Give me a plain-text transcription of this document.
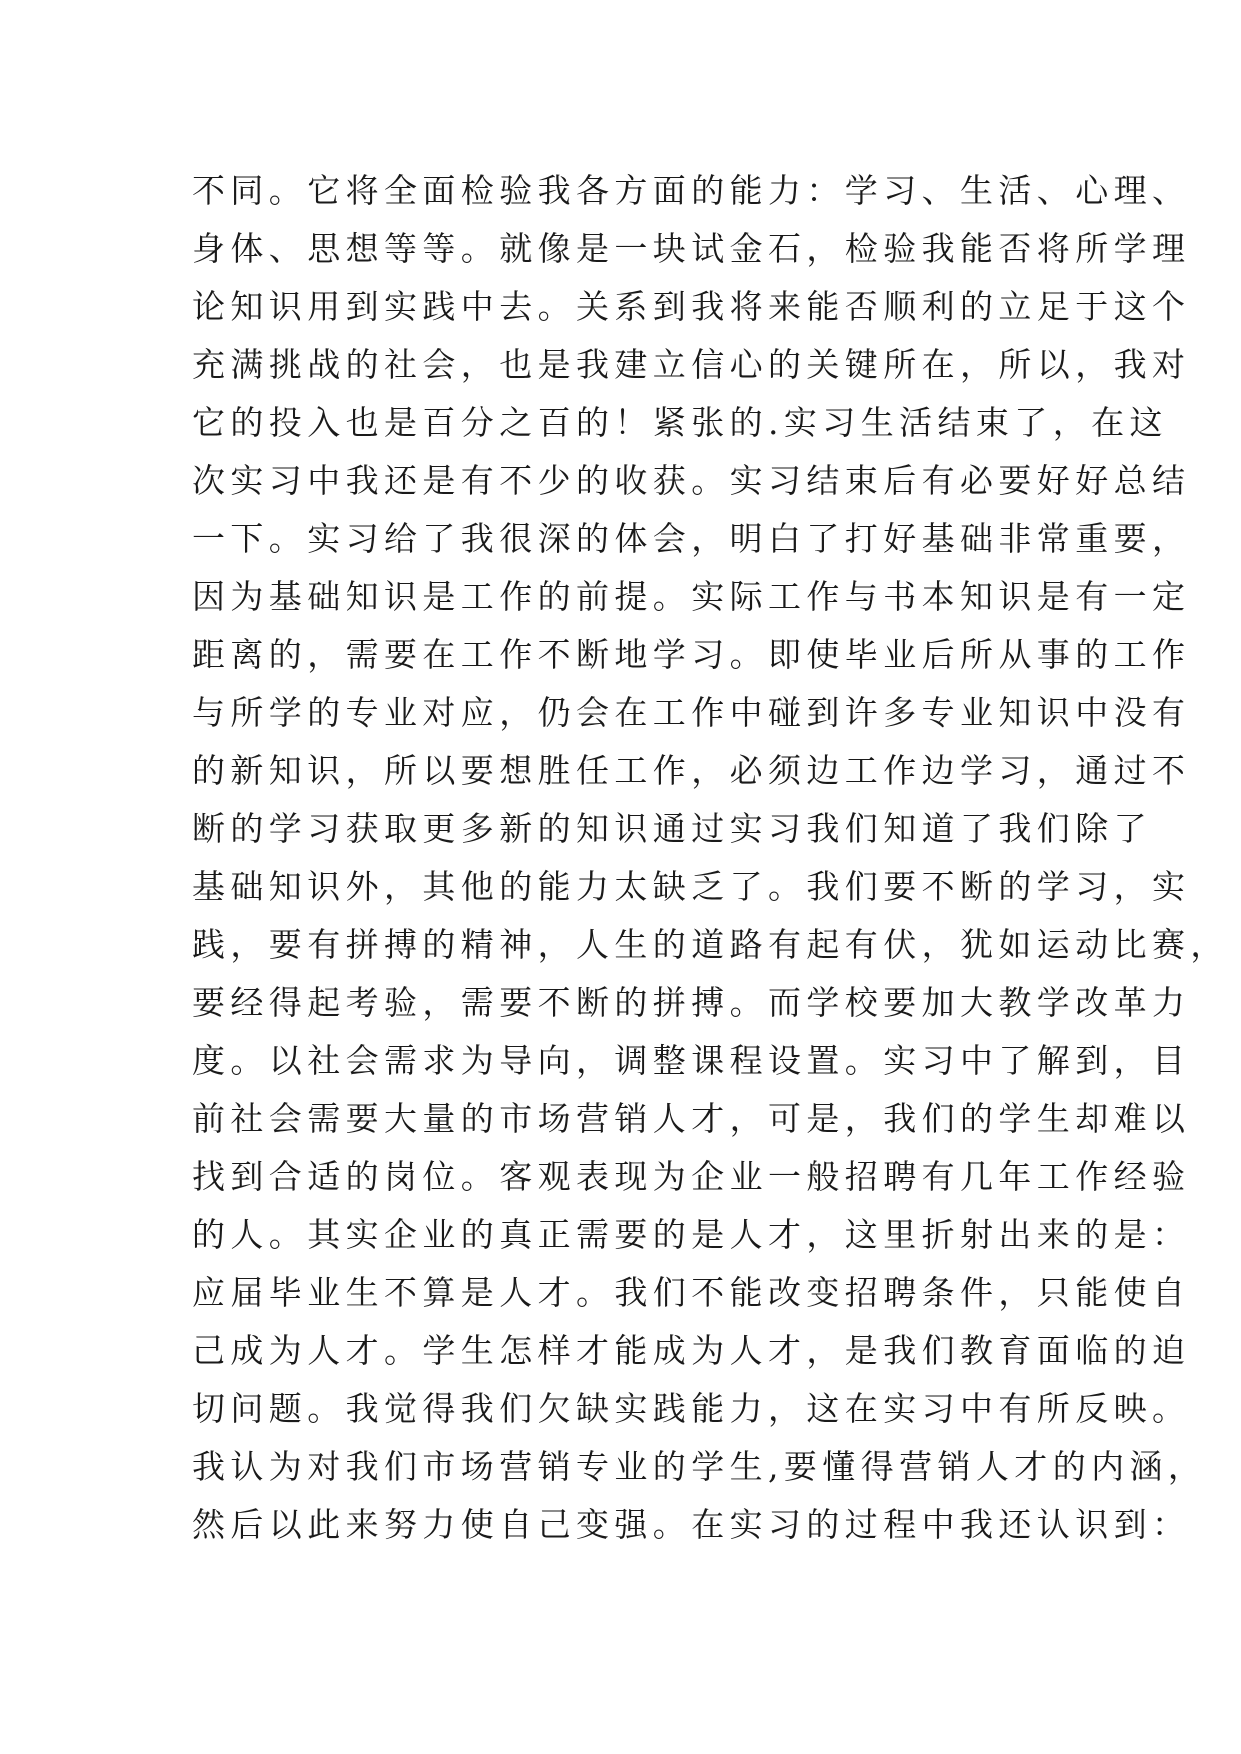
不同。它将全面检验我各方面的能力：学习、生活、心理、
身体、思想等等。就像是一块试金石，检验我能否将所学理
论知识用到实践中去。关系到我将来能否顺利的立足于这个
充满挑战的社会，也是我建立信心的关键所在，所以，我对
它的投入也是百分之百的！紧张的.实习生活结束了，在这
次实习中我还是有不少的收获。实习结束后有必要好好总结
一下。实习给了我很深的体会，明白了打好基础非常重要，
因为基础知识是工作的前提。实际工作与书本知识是有一定
距离的，需要在工作不断地学习。即使毕业后所从事的工作
与所学的专业对应，仍会在工作中碰到许多专业知识中没有
的新知识，所以要想胜任工作，必须边工作边学习，通过不
断的学习获取更多新的知识通过实习我们知道了我们除了
基础知识外，其他的能力太缺乏了。我们要不断的学习，实
践，要有拼搏的精神，人生的道路有起有伏，犹如运动比赛，
要经得起考验，需要不断的拼搏。而学校要加大教学改革力
度。以社会需求为导向，调整课程设置。实习中了解到，目
前社会需要大量的市场营销人才，可是，我们的学生却难以
找到合适的岗位。客观表现为企业一般招聘有几年工作经验
的人。其实企业的真正需要的是人才，这里折射出来的是：
应届毕业生不算是人才。我们不能改变招聘条件，只能使自
己成为人才。学生怎样才能成为人才，是我们教育面临的迫
切问题。我觉得我们欠缺实践能力，这在实习中有所反映。
我认为对我们市场营销专业的学生,要懂得营销人才的内涵，
然后以此来努力使自己变强。在实习的过程中我还认识到：
